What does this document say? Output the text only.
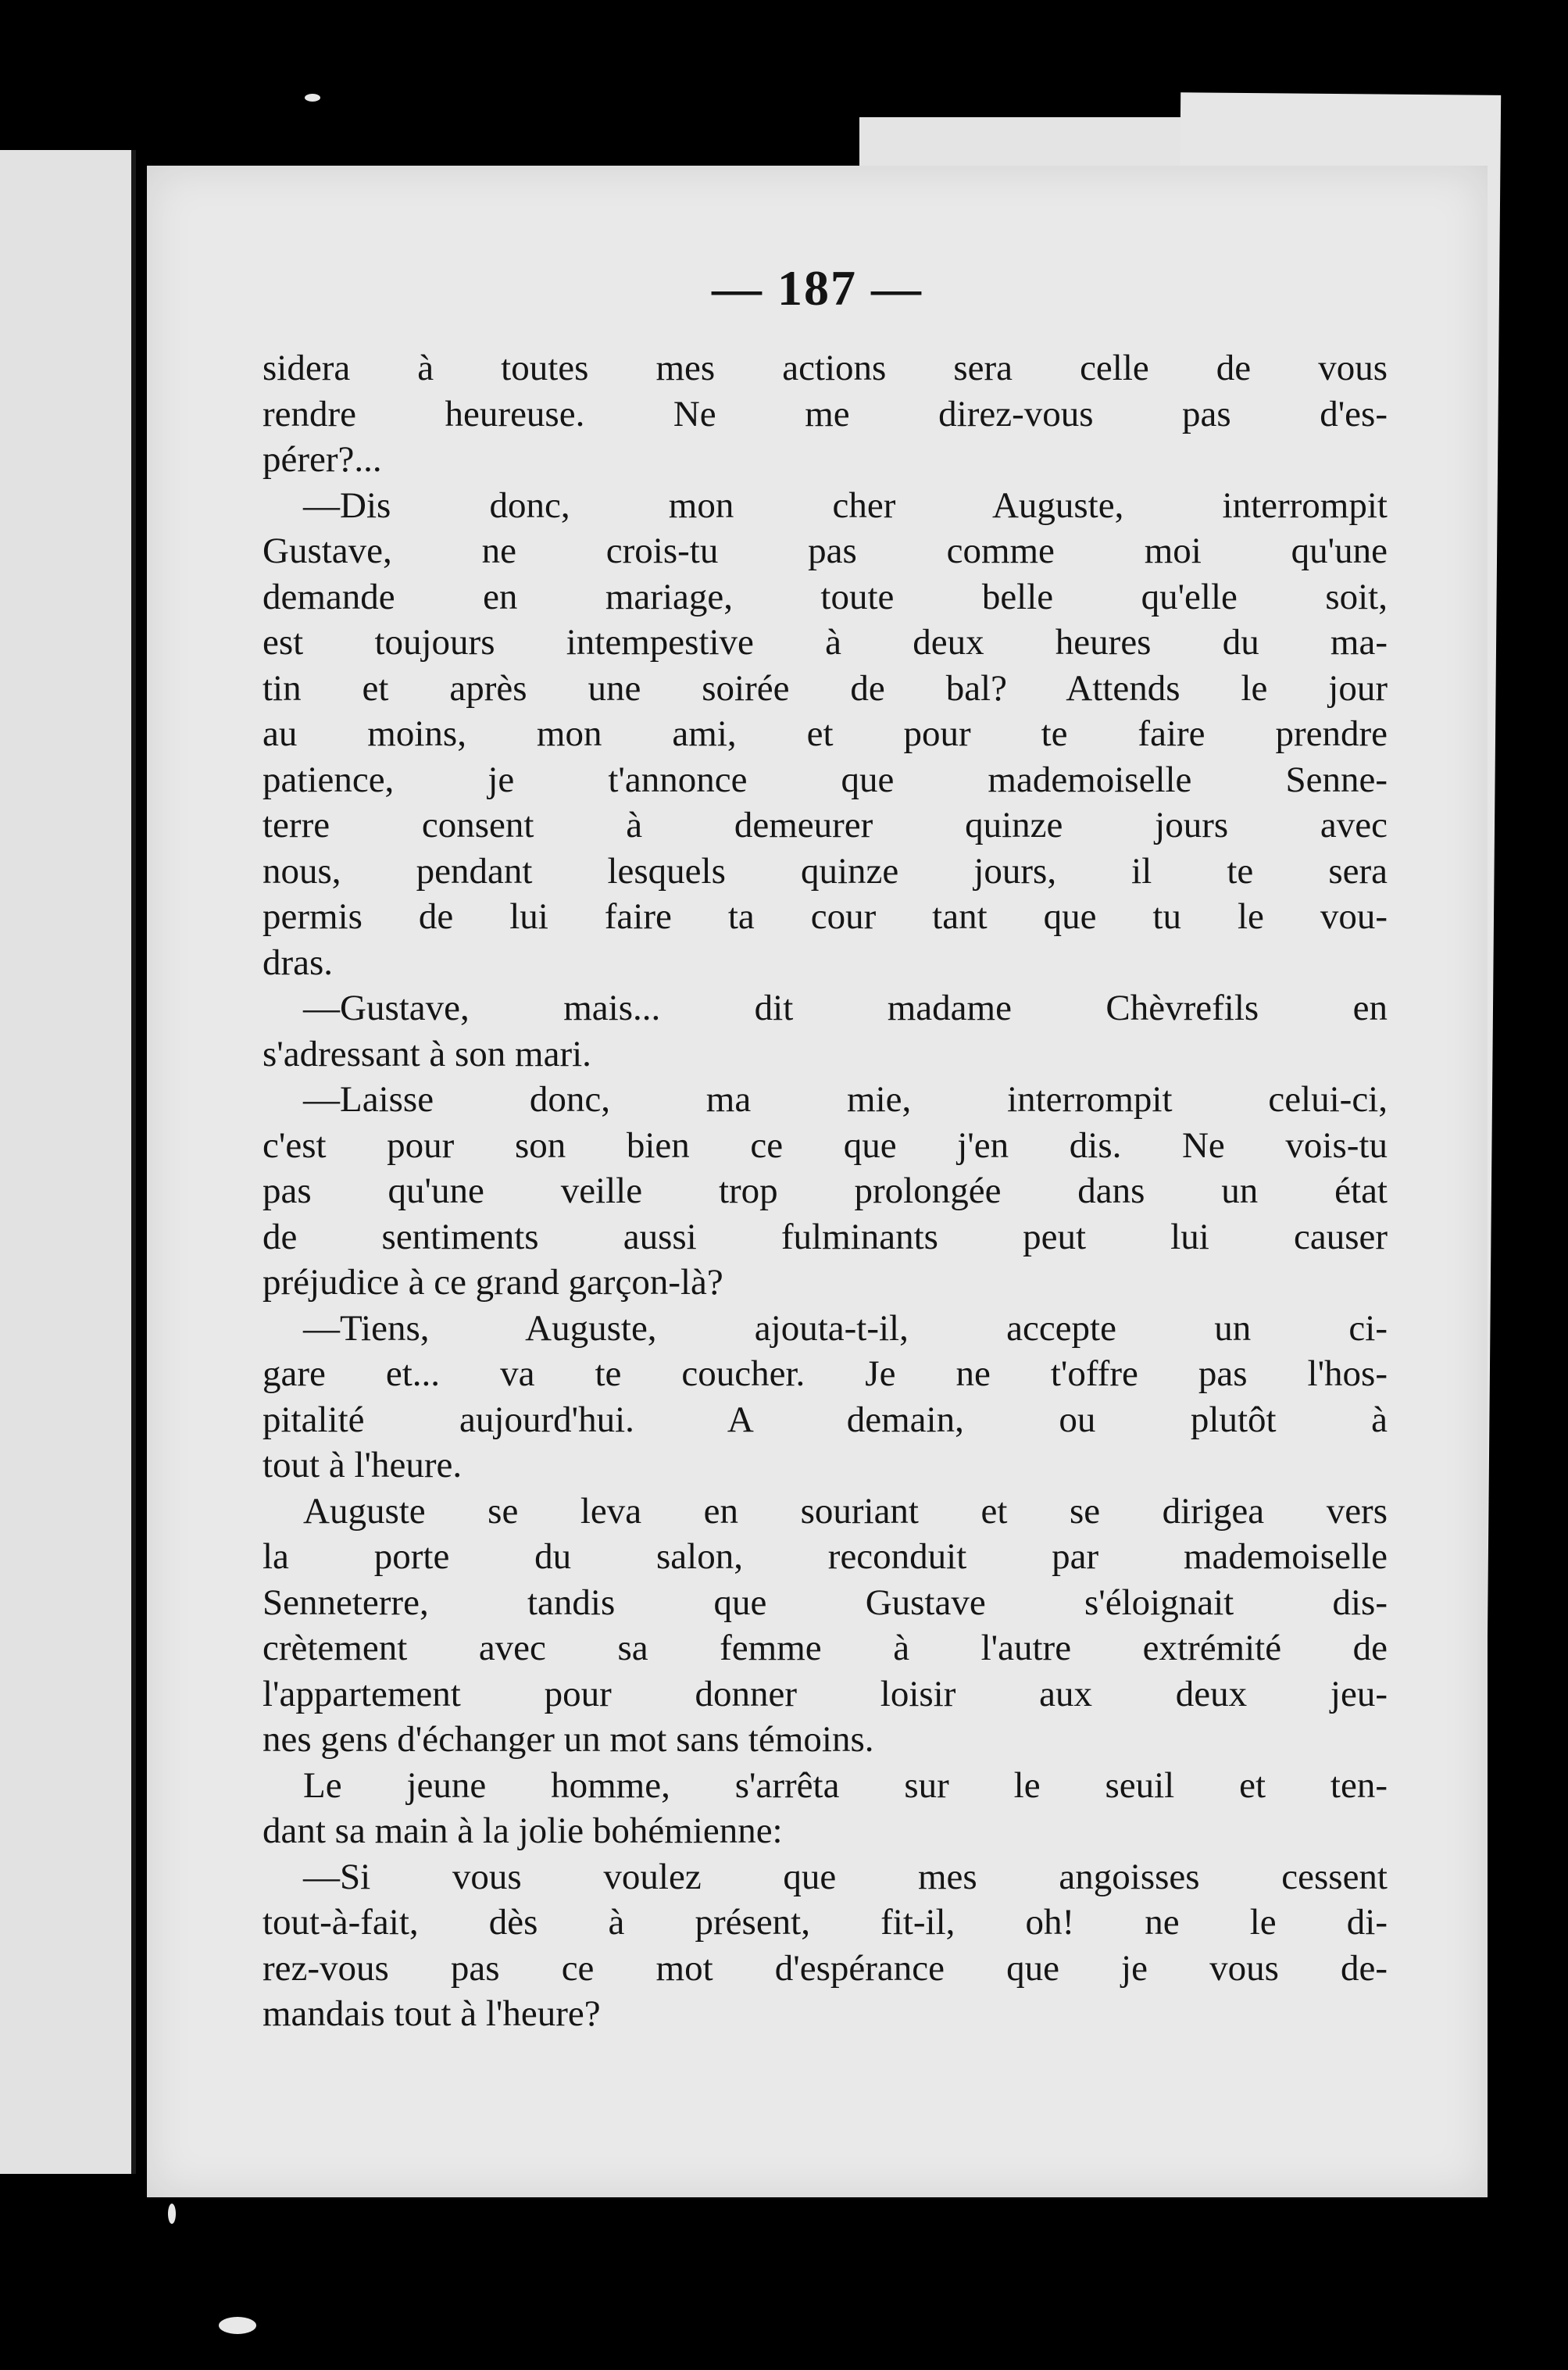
— 187 —
sidera à toutes mes actions sera celle de vous
rendre heureuse. Ne me direz-vous pas d'es-
pérer?...
—Dis donc, mon cher Auguste, interrompit
Gustave, ne crois-tu pas comme moi qu'une
demande en mariage, toute belle qu'elle soit,
est toujours intempestive à deux heures du ma-
tin et après une soirée de bal? Attends le jour
au moins, mon ami, et pour te faire prendre
patience, je t'annonce que mademoiselle Senne-
terre consent à demeurer quinze jours avec
nous, pendant lesquels quinze jours, il te sera
permis de lui faire ta cour tant que tu le vou-
dras.
—Gustave, mais... dit madame Chèvrefils en
s'adressant à son mari.
—Laisse donc, ma mie, interrompit celui-ci,
c'est pour son bien ce que j'en dis. Ne vois-tu
pas qu'une veille trop prolongée dans un état
de sentiments aussi fulminants peut lui causer
préjudice à ce grand garçon-là?
—Tiens, Auguste, ajouta-t-il, accepte un ci-
gare et... va te coucher. Je ne t'offre pas l'hos-
pitalité aujourd'hui. A demain, ou plutôt à
tout à l'heure.
Auguste se leva en souriant et se dirigea vers
la porte du salon, reconduit par mademoiselle
Senneterre, tandis que Gustave s'éloignait dis-
crètement avec sa femme à l'autre extrémité de
l'appartement pour donner loisir aux deux jeu-
nes gens d'échanger un mot sans témoins.
Le jeune homme, s'arrêta sur le seuil et ten-
dant sa main à la jolie bohémienne:
—Si vous voulez que mes angoisses cessent
tout-à-fait, dès à présent, fit-il, oh! ne le di-
rez-vous pas ce mot d'espérance que je vous de-
mandais tout à l'heure?
